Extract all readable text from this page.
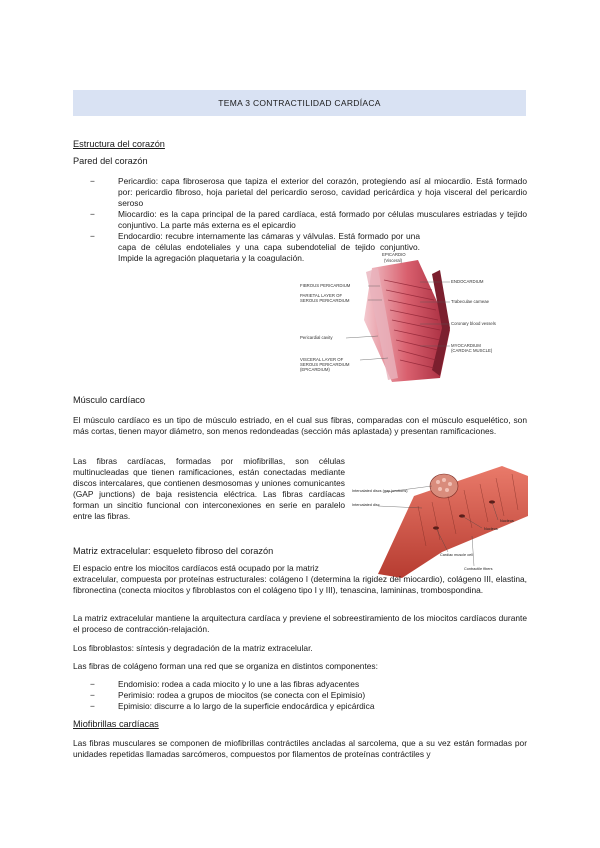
TEMA 3 CONTRACTILIDAD CARDÍACA
Estructura del corazón
Pared del corazón
−	Pericardio: capa fibroserosa que tapiza el exterior del corazón, protegiendo así al miocardio. Está formado por: pericardio fibroso, hoja parietal del pericardio seroso, cavidad pericárdica y hoja visceral del pericardio seroso
−	Miocardio: es la capa principal de la pared cardíaca, está formado por células musculares estriadas y tejido conjuntivo. La parte más externa es el epicardio
−	Endocardio: recubre internamente las cámaras y válvulas. Está formado por una capa de células endoteliales y una capa subendotelial de tejido conjuntivo. Impide la agregación plaquetaria y la coagulación.	EPICARDIO
(Visceral)
FIBROUS PERICARDIUM
PARIETAL LAYER OF
SEROUS PERICARDIUM
Pericardial cavity
VISCERAL LAYER OF
SEROUS PERICARDIUM
(EPICARDIUM)
ENDOCARDIUM
Trabeculae carneae
Coronary blood vessels
MYOCARDIUM
(CARDIAC MUSCLE)
Músculo cardíaco
El músculo cardíaco es un tipo de músculo estriado, en el cual sus fibras, comparadas con el músculo esquelético, son más cortas, tienen mayor diámetro, son menos redondeadas (sección más aplastada) y presentan ramificaciones.
Las fibras cardíacas, formadas por miofibrillas, son células multinucleadas que tienen ramificaciones, están conectadas mediante discos intercalares, que contienen desmosomas y uniones comunicantes (GAP junctions) de baja resistencia eléctrica. Las fibras cardíacas forman un sincitio funcional con interconexiones en serie en paralelo entre las fibras.
Intercalated discs (gap junctions)
Intercalated disc
Nucleus
Nucleus
Cardiac muscle cell
Contractile fibers
Matriz extracelular: esqueleto fibroso del corazón
El espacio entre los miocitos cardíacos está ocupado por la matriz
extracelular, compuesta por proteínas estructurales: colágeno I (determina la rigidez del miocardio), colágeno III, elastina, fibronectina (conecta miocitos y fibroblastos con el colágeno tipo I y III), tenascina, lamininas, trombospondina.
La matriz extracelular mantiene la arquitectura cardíaca y previene el sobreestiramiento de los miocitos cardíacos durante el proceso de contracción-relajación.
Los fibroblastos: síntesis y degradación de la matriz extracelular.
Las fibras de colágeno forman una red que se organiza en distintos componentes:
−	Endomisio: rodea a cada miocito y lo une a las fibras adyacentes
−	Perimisio: rodea a grupos de miocitos (se conecta con el Epimisio)
−	Epimisio: discurre a lo largo de la superficie endocárdica y epicárdica
Miofibrillas cardíacas
Las fibras musculares se componen de miofibrillas contráctiles ancladas al sarcolema, que a su vez están formadas por unidades repetidas llamadas sarcómeros, compuestos por filamentos de proteínas contráctiles y
